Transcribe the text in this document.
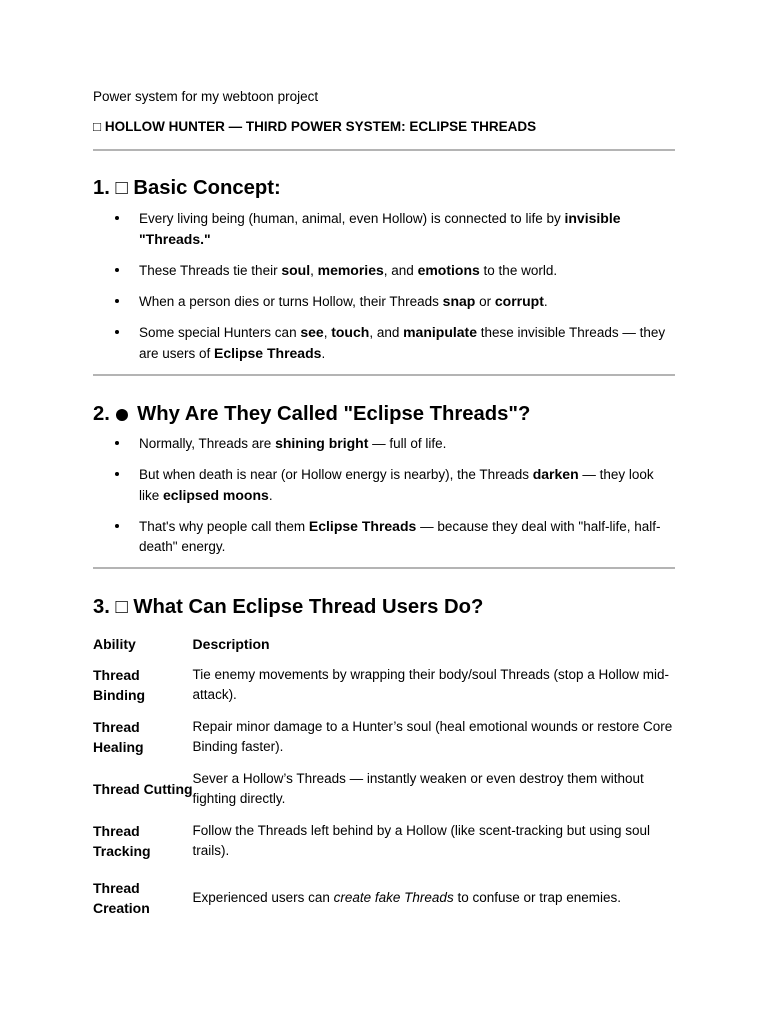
Power system for my webtoon project

□ HOLLOW HUNTER — THIRD POWER SYSTEM: ECLIPSE THREADS
1. □ Basic Concept:
Every living being (human, animal, even Hollow) is connected to life by invisible "Threads."
These Threads tie their soul, memories, and emotions to the world.
When a person dies or turns Hollow, their Threads snap or corrupt.
Some special Hunters can see, touch, and manipulate these invisible Threads — they are users of Eclipse Threads.
2.  Why Are They Called "Eclipse Threads"?
Normally, Threads are shining bright — full of life.
But when death is near (or Hollow energy is nearby), the Threads darken — they look like eclipsed moons.
That's why people call them Eclipse Threads — because they deal with "half-life, half-death" energy.
3. □ What Can Eclipse Thread Users Do?
Ability	Description
Thread Binding	Tie enemy movements by wrapping their body/soul Threads (stop a Hollow mid-attack).
Thread Healing	Repair minor damage to a Hunter’s soul (heal emotional wounds or restore Core Binding faster).
Thread Cutting	Sever a Hollow’s Threads — instantly weaken or even destroy them without fighting directly.
Thread Tracking	Follow the Threads left behind by a Hollow (like scent-tracking but using soul trails).
Thread Creation	Experienced users can create fake Threads to confuse or trap enemies.
